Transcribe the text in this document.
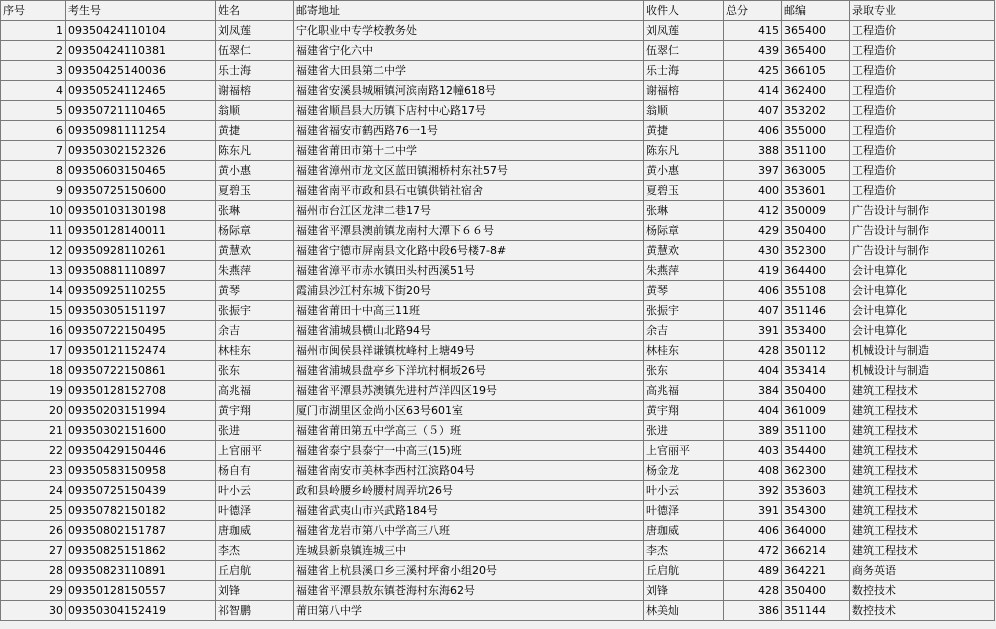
序号	考生号	姓名	邮寄地址	收件人	总分	邮编	录取专业
1	09350424110104	刘凤莲	宁化职业中专学校教务处	刘凤莲	415	365400	工程造价
2	09350424110381	伍翠仁	福建省宁化六中	伍翠仁	439	365400	工程造价
3	09350425140036	乐士海	福建省大田县第二中学	乐士海	425	366105	工程造价
4	09350524112465	谢福榕	福建省安溪县城厢镇河滨南路12幢618号	谢福榕	414	362400	工程造价
5	09350721110465	翁顺	福建省顺昌县大历镇下店村中心路17号	翁顺	407	353202	工程造价
6	09350981111254	黄捷	福建省福安市鹤西路76一1号	黄捷	406	355000	工程造价
7	09350302152326	陈东凡	福建省莆田市第十二中学	陈东凡	388	351100	工程造价
8	09350603150465	黄小惠	福建省漳州市龙文区蓝田镇湘桥村东社57号	黄小惠	397	363005	工程造价
9	09350725150600	夏碧玉	福建省南平市政和县石屯镇供销社宿舍	夏碧玉	400	353601	工程造价
10	09350103130198	张琳	福州市台江区龙津二巷17号	张琳	412	350009	广告设计与制作
11	09350128140011	杨际章	福建省平潭县澳前镇龙南村大潭下６６号	杨际章	429	350400	广告设计与制作
12	09350928110261	黄慧欢	福建省宁德市屏南县文化路中段6号楼7-8#	黄慧欢	430	352300	广告设计与制作
13	09350881110897	朱燕萍	福建省漳平市赤水镇田头村西溪51号	朱燕萍	419	364400	会计电算化
14	09350925110255	黄琴	霞浦县沙江村东城下街20号	黄琴	406	355108	会计电算化
15	09350305151197	张振宇	福建省莆田十中高三11班	张振宇	407	351146	会计电算化
16	09350722150495	余吉	福建省浦城县横山北路94号	余吉	391	353400	会计电算化
17	09350121152474	林桂东	福州市闽侯县祥谦镇枕峰村上塘49号	林桂东	428	350112	机械设计与制造
18	09350722150861	张东	福建省浦城县盘亭乡下洋坑村桐坂26号	张东	404	353414	机械设计与制造
19	09350128152708	高兆福	福建省平潭县苏澳镇先进村芦洋四区19号	高兆福	384	350400	建筑工程技术
20	09350203151994	黄宇翔	厦门市湖里区金尚小区63号601室	黄宇翔	404	361009	建筑工程技术
21	09350302151600	张进	福建省莆田第五中学高三（５）班	张进	389	351100	建筑工程技术
22	09350429150446	上官丽平	福建省泰宁县泰宁一中高三(15)班	上官丽平	403	354400	建筑工程技术
23	09350583150958	杨自有	福建省南安市美林李西村江滨路04号	杨金龙	408	362300	建筑工程技术
24	09350725150439	叶小云	政和县岭腰乡岭腰村周弄坑26号	叶小云	392	353603	建筑工程技术
25	09350782150182	叶德泽	福建省武夷山市兴武路184号	叶德泽	391	354300	建筑工程技术
26	09350802151787	唐珈威	福建省龙岩市第八中学高三八班	唐珈威	406	364000	建筑工程技术
27	09350825151862	李杰	连城县新泉镇连城三中	李杰	472	366214	建筑工程技术
28	09350823110891	丘启航	福建省上杭县溪口乡三溪村坪畲小组20号	丘启航	489	364221	商务英语
29	09350128150557	刘锋	福建省平潭县敖东镇苍海村东海62号	刘锋	428	350400	数控技术
30	09350304152419	祁智鹏	莆田第八中学	林美灿	386	351144	数控技术
